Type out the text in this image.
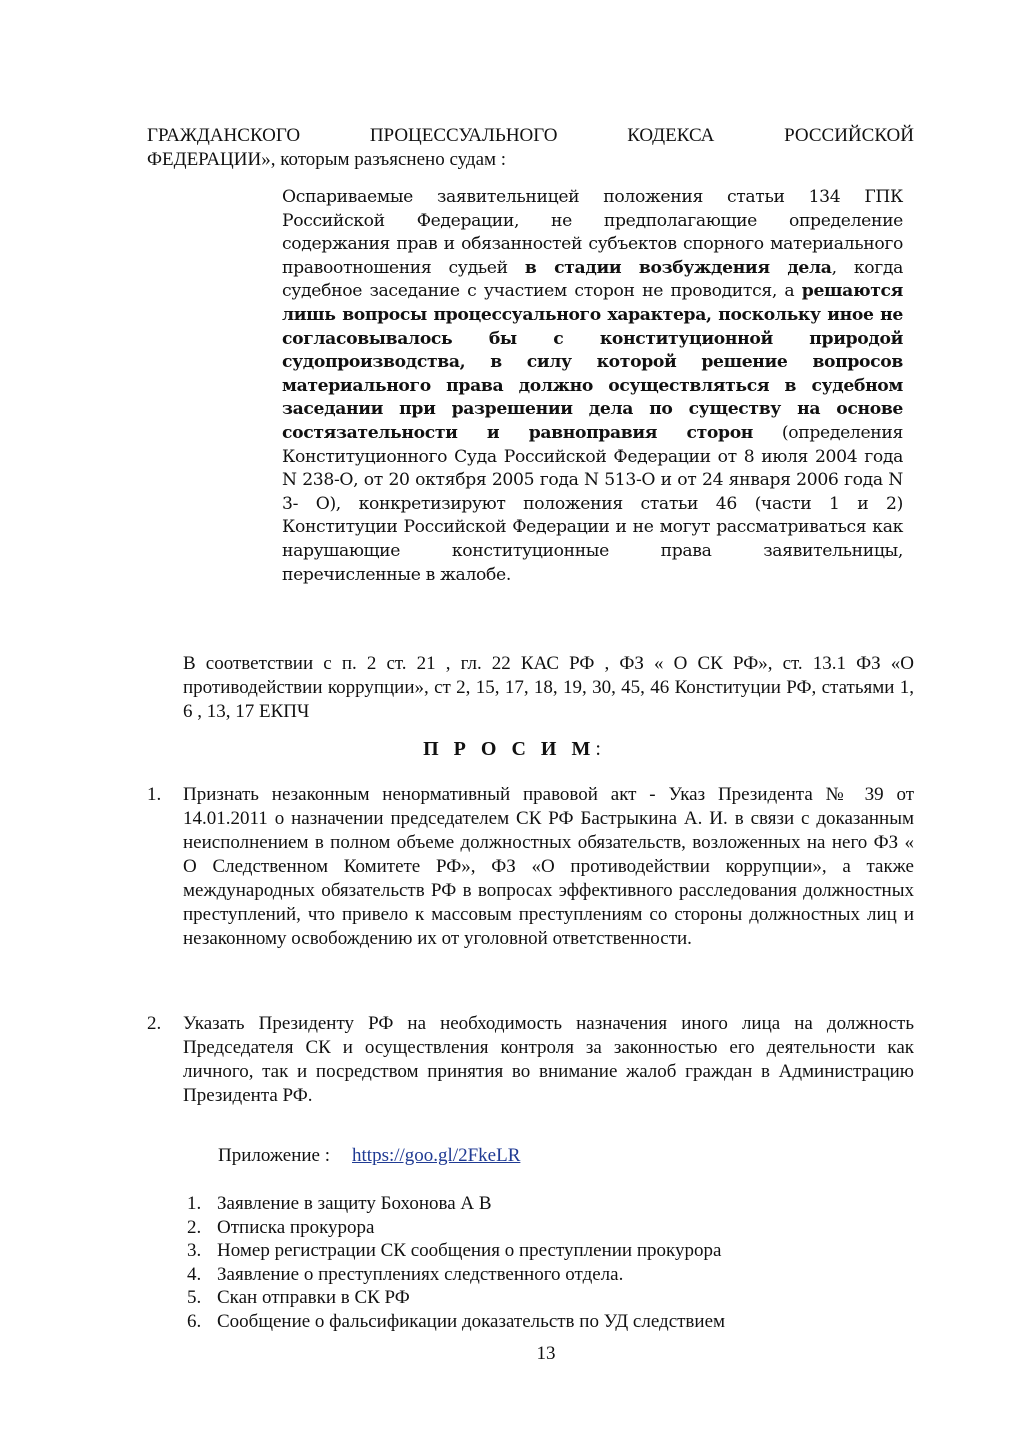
ГРАЖДАНСКОГО	ПРОЦЕССУАЛЬНОГО	КОДЕКСА	РОССИЙСКОЙ
ФЕДЕРАЦИИ», которым разъяснено судам :
Оспариваемые заявительницей положения статьи 134 ГПК Российской Федерации, не предполагающие определение содержания прав и обязанностей субъектов спорного материального правоотношения судьей в стадии возбуждения дела, когда судебное заседание с участием сторон не проводится, а решаются лишь вопросы процессуального характера, поскольку иное не согласовывалось бы с конституционной природой судопроизводства, в силу которой решение вопросов материального права должно осуществляться в судебном заседании при разрешении дела по существу на основе состязательности и равноправия сторон (определения Конституционного Суда Российской Федерации от 8 июля 2004 года N 238-О, от 20 октября 2005 года N 513-О и от 24 января 2006 года N 3- О), конкретизируют положения статьи 46 (части 1 и 2) Конституции Российской Федерации и не могут рассматриваться как нарушающие конституционные права заявительницы, перечисленные в жалобе.
В соответствии с п. 2 ст. 21 , гл. 22 КАС РФ , ФЗ « О СК РФ», ст. 13.1 ФЗ «О противодействии коррупции», ст 2, 15, 17, 18, 19, 30, 45, 46 Конституции РФ, статьями 1, 6 , 13, 17 ЕКПЧ
П Р О С И М:
1. Признать незаконным ненормативный правовой акт - Указ Президента № 39 от 14.01.2011 о назначении председателем СК РФ Бастрыкина А. И. в связи с доказанным неисполнением в полном объеме должностных обязательств, возложенных на него ФЗ « О Следственном Комитете РФ», ФЗ «О противодействии коррупции», а также международных обязательств РФ в вопросах эффективного расследования должностных преступлений, что привело к массовым преступлениям со стороны должностных лиц и незаконному освобождению их от уголовной ответственности.
2. Указать Президенту РФ на необходимость назначения иного лица на должность Председателя СК и осуществления контроля за законностью его деятельности как личного, так и посредством принятия во внимание жалоб граждан в Администрацию Президента РФ.
Приложение : https://goo.gl/2FkeLR
1. Заявление в защиту Бохонова А В
2. Отписка прокурора
3. Номер регистрации СК сообщения о преступлении прокурора
4. Заявление о преступлениях следственного отдела.
5. Скан отправки в СК РФ
6. Сообщение о фальсификации доказательств по УД следствием
13
